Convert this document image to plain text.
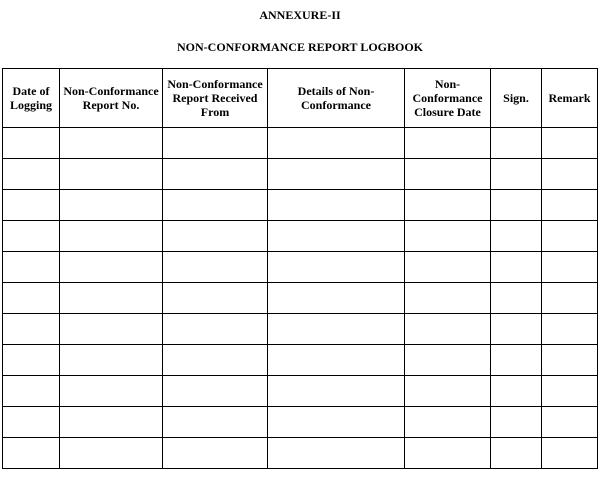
ANNEXURE-II
NON-CONFORMANCE REPORT LOGBOOK
Date of Logging	Non-Conformance Report No.	Non-Conformance Report Received From	Details of Non-Conformance	Non-Conformance Closure Date	Sign.	Remark
